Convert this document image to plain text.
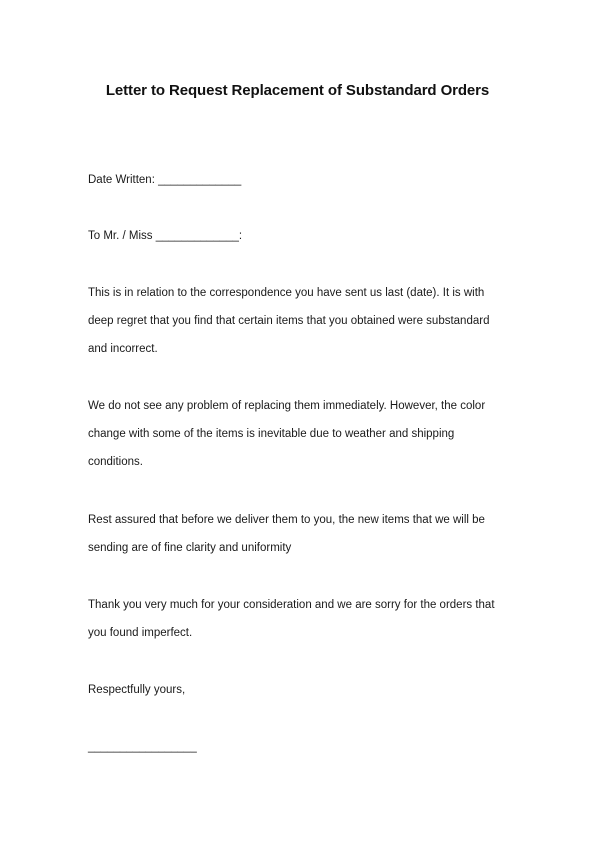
Letter to Request Replacement of Substandard Orders
Date Written: _____________
To Mr. / Miss _____________:
This is in relation to the correspondence you have sent us last (date). It is with
deep regret that you find that certain items that you obtained were substandard
and incorrect.
We do not see any problem of replacing them immediately. However, the color
change with some of the items is inevitable due to weather and shipping
conditions.
Rest assured that before we deliver them to you, the new items that we will be
sending are of fine clarity and uniformity
Thank you very much for your consideration and we are sorry for the orders that
you found imperfect.
Respectfully yours,
_________________
